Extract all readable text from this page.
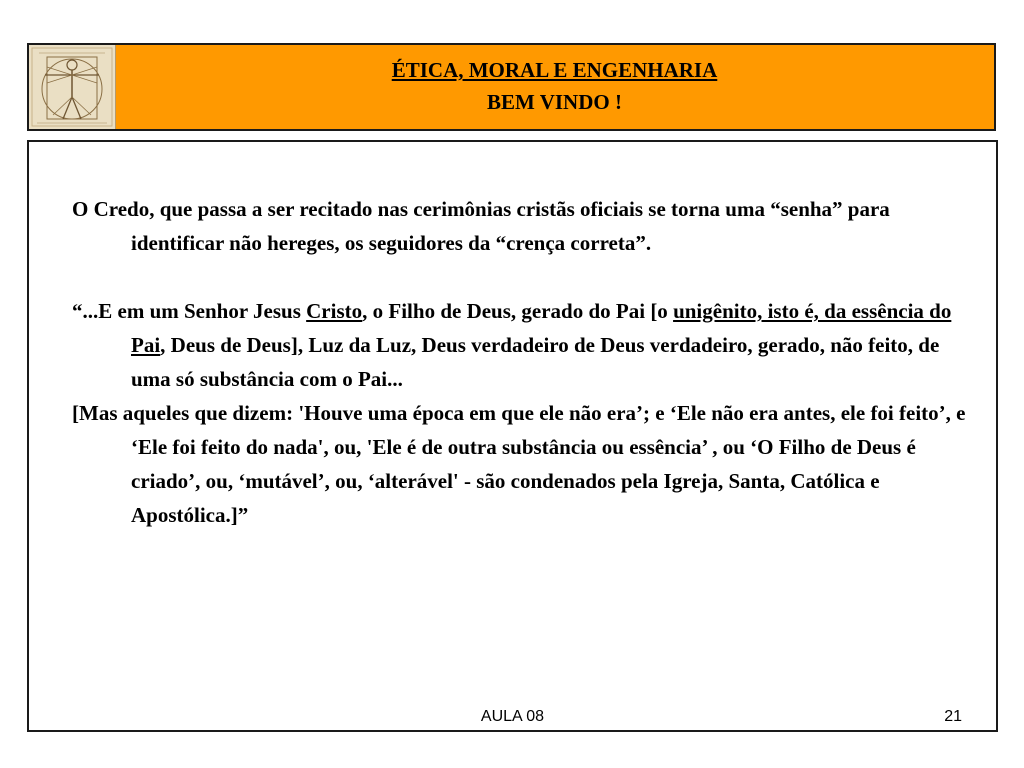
ÉTICA, MORAL E ENGENHARIA
BEM VINDO !

O Credo, que passa a ser recitado nas cerimônias cristãs oficiais se torna uma “senha” para identificar não hereges, os seguidores da “crença correta”.

“...E em um Senhor Jesus Cristo, o Filho de Deus, gerado do Pai [o unigênito, isto é, da essência do Pai, Deus de Deus], Luz da Luz, Deus verdadeiro de Deus verdadeiro, gerado, não feito, de uma só substância com o Pai...

[Mas aqueles que dizem: 'Houve uma época em que ele não era’; e ‘Ele não era antes, ele foi feito’, e ‘Ele foi feito do nada', ou, 'Ele é de outra substância ou essência’ , ou ‘O Filho de Deus é criado’, ou, ‘mutável’, ou, ‘alterável' - são condenados pela Igreja, Santa, Católica e Apostólica.]”

AULA 08	21
